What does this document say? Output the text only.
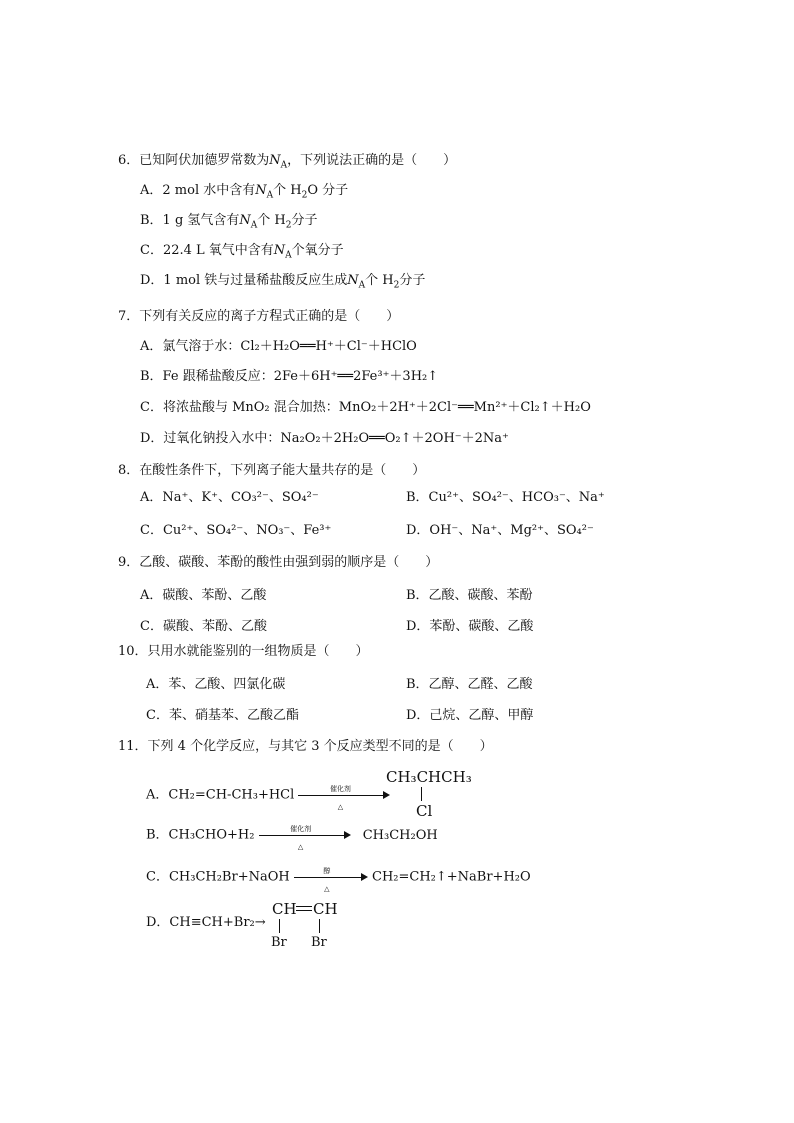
6．已知阿伏加德罗常数为$N_A$，下列说法正确的是（　　）
A．2 mol 水中含有$N_A$个 $H_2O$ 分子
B．1 g 氢气含有$N_A$个 $H_2$分子
C．22.4 L 氧气中含有$N_A$个氧分子
D．1 mol 铁与过量稀盐酸反应生成$N_A$个 $H_2$分子
7．下列有关反应的离子方程式正确的是（　　）
A．氯气溶于水：Cl₂＋H₂O══H⁺＋Cl⁻＋HClO
B．Fe 跟稀盐酸反应：2Fe＋6H⁺══2Fe³⁺＋3H₂↑
C．将浓盐酸与 MnO₂ 混合加热：MnO₂＋2H⁺＋2Cl⁻══Mn²⁺＋Cl₂↑＋H₂O
D．过氧化钠投入水中：Na₂O₂＋2H₂O══O₂↑＋2OH⁻＋2Na⁺
8．在酸性条件下，下列离子能大量共存的是（　　）
A．Na⁺、K⁺、CO₃²⁻、SO₄²⁻	B．Cu²⁺、SO₄²⁻、HCO₃⁻、Na⁺
C．Cu²⁺、SO₄²⁻、NO₃⁻、Fe³⁺	D．OH⁻、Na⁺、Mg²⁺、SO₄²⁻
9．乙酸、碳酸、苯酚的酸性由强到弱的顺序是（　　）
A．碳酸、苯酚、乙酸	B．乙酸、碳酸、苯酚
C．碳酸、苯酚、乙酸	D．苯酚、碳酸、乙酸
10．只用水就能鉴别的一组物质是（　　）
A．苯、乙酸、四氯化碳	B．乙醇、乙醛、乙酸
C．苯、硝基苯、乙酸乙酯	D．己烷、乙醇、甲醇
11．下列 4 个化学反应，与其它 3 个反应类型不同的是（　　）
A．CH₂=CH-CH₃+HCl	催化剂
△
CH₃CHCH₃
Cl
B．CH₃CHO+H₂	催化剂
△
CH₃CH₂OH
C．CH₃CH₂Br+NaOH	醇
△
CH₂=CH₂↑+NaBr+H₂O
D．CH≡CH+Br₂→
CH CH
Br Br
